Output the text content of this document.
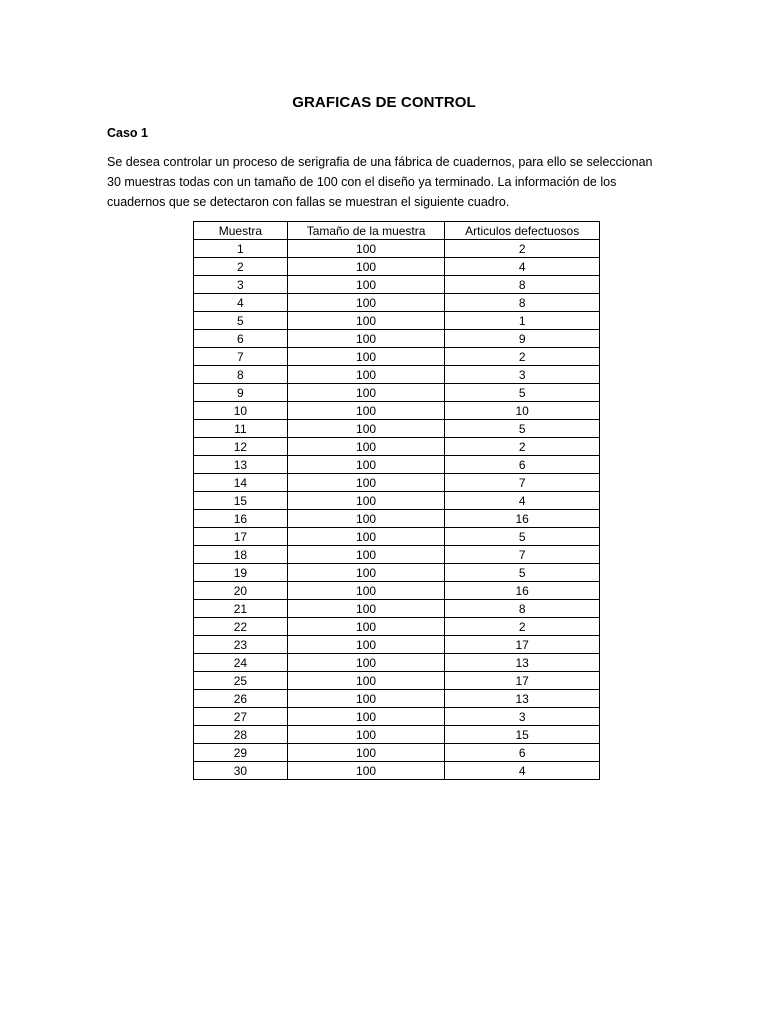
GRAFICAS DE CONTROL
Caso 1
Se desea controlar un proceso de serigrafia de una fábrica de cuadernos, para ello se seleccionan
30 muestras todas con un tamaño de 100 con el diseño ya terminado. La información de los
cuadernos que se detectaron con fallas se muestran el siguiente cuadro.
Muestra	Tamaño de la muestra	Articulos defectuosos
1	100	2
2	100	4
3	100	8
4	100	8
5	100	1
6	100	9
7	100	2
8	100	3
9	100	5
10	100	10
11	100	5
12	100	2
13	100	6
14	100	7
15	100	4
16	100	16
17	100	5
18	100	7
19	100	5
20	100	16
21	100	8
22	100	2
23	100	17
24	100	13
25	100	17
26	100	13
27	100	3
28	100	15
29	100	6
30	100	4
